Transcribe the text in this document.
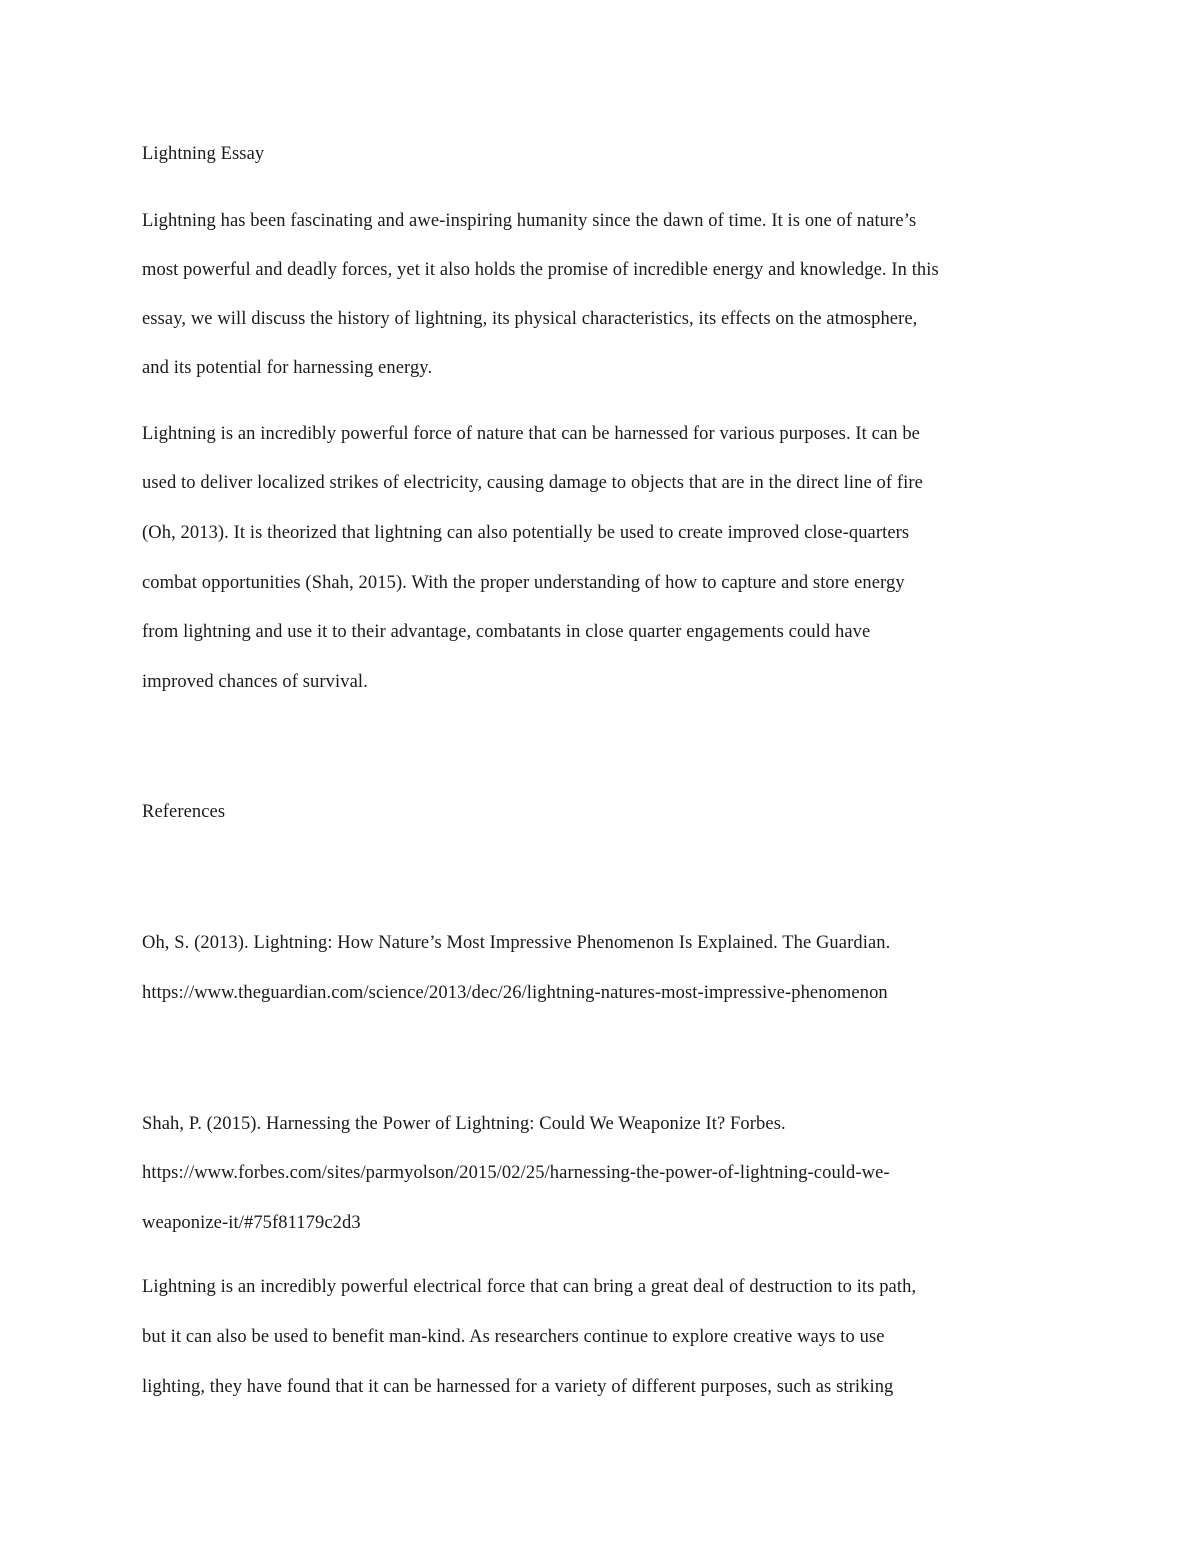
Lightning Essay
Lightning has been fascinating and awe-inspiring humanity since the dawn of time. It is one of nature’s
most powerful and deadly forces, yet it also holds the promise of incredible energy and knowledge. In this
essay, we will discuss the history of lightning, its physical characteristics, its effects on the atmosphere,
and its potential for harnessing energy.
Lightning is an incredibly powerful force of nature that can be harnessed for various purposes. It can be
used to deliver localized strikes of electricity, causing damage to objects that are in the direct line of fire
(Oh, 2013). It is theorized that lightning can also potentially be used to create improved close-quarters
combat opportunities (Shah, 2015). With the proper understanding of how to capture and store energy
from lightning and use it to their advantage, combatants in close quarter engagements could have
improved chances of survival.
References
Oh, S. (2013). Lightning: How Nature’s Most Impressive Phenomenon Is Explained. The Guardian.
https://www.theguardian.com/science/2013/dec/26/lightning-natures-most-impressive-phenomenon
Shah, P. (2015). Harnessing the Power of Lightning: Could We Weaponize It? Forbes.
https://www.forbes.com/sites/parmyolson/2015/02/25/harnessing-the-power-of-lightning-could-we-
weaponize-it/#75f81179c2d3
Lightning is an incredibly powerful electrical force that can bring a great deal of destruction to its path,
but it can also be used to benefit man-kind. As researchers continue to explore creative ways to use
lighting, they have found that it can be harnessed for a variety of different purposes, such as striking
